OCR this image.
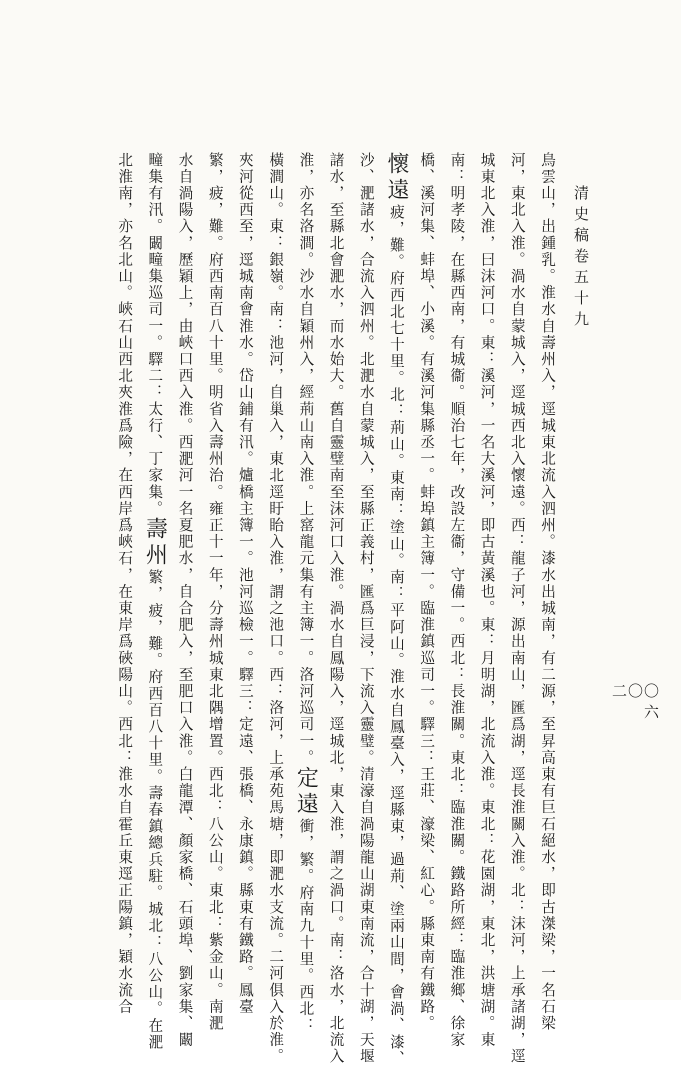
清史稿卷五十九
二〇〇六
鳥雲山，出鍾乳。淮水自壽州入，逕城東北流入泗州。漆水出城南，有二源，至昇高東有巨石絕水，即古滐梁，一名石梁
河，東北入淮。渦水自蒙城入，逕城西北入懷遠。西：龍子河，源出南山，匯爲湖，逕長淮關入淮。北：沫河，上承諸湖，逕
城東北入淮，曰沫河口。東：溪河，一名大溪河，即古黃溪也。東：月明湖，北流入淮。東北：花園湖，東北，洪塘湖。東
南：明孝陵，在縣西南，有城衞。順治七年，改設左衞，守備一。西北：長淮關。東北：臨淮關。鐵路所經：臨淮鄉、徐家
橋、溪河集、蚌埠、小溪。有溪河集縣丞一。蚌埠鎮主簿一。臨淮鎮巡司一。驛三：王莊、濠梁、紅心。縣東南有鐵路。
懷遠疲，難。府西北七十里。北：荊山。東南：塗山。南：平阿山。淮水自鳳臺入，逕縣東，過荊、塗兩山間，會渦、漆、
沙、淝諸水，合流入泗州。北淝水自蒙城入，至縣正義村，匯爲巨浸，下流入靈璧。清濠自渦陽龍山湖東南流，合十湖，天堰
諸水，至縣北會淝水，而水始大。舊自靈璧南至沫河口入淮。渦水自鳳陽入，逕城北，東入淮，謂之渦口。南：洛水，北流入
淮，亦名洛澗。沙水自穎州入，經荊山南入淮。上窰龍元集有主簿一。洛河巡司一。定遠衝，繁。府南九十里。西北：
橫澗山。東：銀嶺。南：池河，自巢入，東北逕盱眙入淮，謂之池口。西：洛河，上承苑馬塘，即淝水支流。二河俱入於淮。
夾河從西至，逕城南會淮水。岱山鋪有汛。爐橋主簿一。池河巡檢一。驛三：定遠、張橋、永康鎮。縣東有鐵路。鳳臺
繁，疲，難。府西南百八十里。明省入壽州治。雍正十一年，分壽州城東北隅增置。西北：八公山。東北：紫金山。南淝
水自渦陽入，歷穎上，由峽口西入淮。西淝河一名夏肥水，自合肥入，至肥口入淮。白龍潭、顏家橋、石頭埠、劉家集、闞
疃集有汛。闞疃集巡司一。驛二：太行、丁家集。壽州繁，疲，難。府西百八十里。壽春鎮總兵駐。城北：八公山。在淝
北淮南，亦名北山。峽石山西北夾淮爲險，在西岸爲峽石，在東岸爲硤陽山。西北：淮水自霍丘東逕正陽鎮，穎水流合
